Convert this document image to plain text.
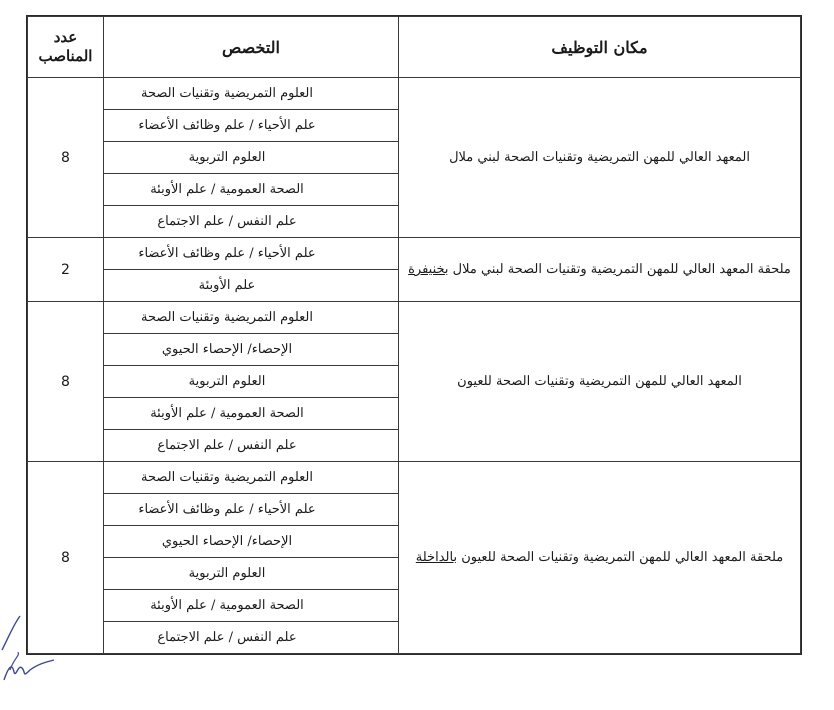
عدد
المناصب	التخصص	مكان التوظيف
8	العلوم التمريضية وتقنيات الصحة	المعهد العالي للمهن التمريضية وتقنيات الصحة لبني ملال
	علم الأحياء / علم وظائف الأعضاء	
	العلوم التربوية	
	الصحة العمومية / علم الأوبئة	
	علم النفس / علم الاجتماع	
2	علم الأحياء / علم وظائف الأعضاء	ملحقة المعهد العالي للمهن التمريضية وتقنيات الصحة لبني ملال بخنيفرة
	علم الأوبئة	
8	العلوم التمريضية وتقنيات الصحة	المعهد العالي للمهن التمريضية وتقنيات الصحة للعيون
	الإحصاء/ الإحصاء الحيوي	
	العلوم التربوية	
	الصحة العمومية / علم الأوبئة	
	علم النفس / علم الاجتماع	
8	العلوم التمريضية وتقنيات الصحة	ملحقة المعهد العالي للمهن التمريضية وتقنيات الصحة للعيون بالداخلة
	علم الأحياء / علم وظائف الأعضاء	
	الإحصاء/ الإحصاء الحيوي	
	العلوم التربوية	
	الصحة العمومية / علم الأوبئة	
	علم النفس / علم الاجتماع	
